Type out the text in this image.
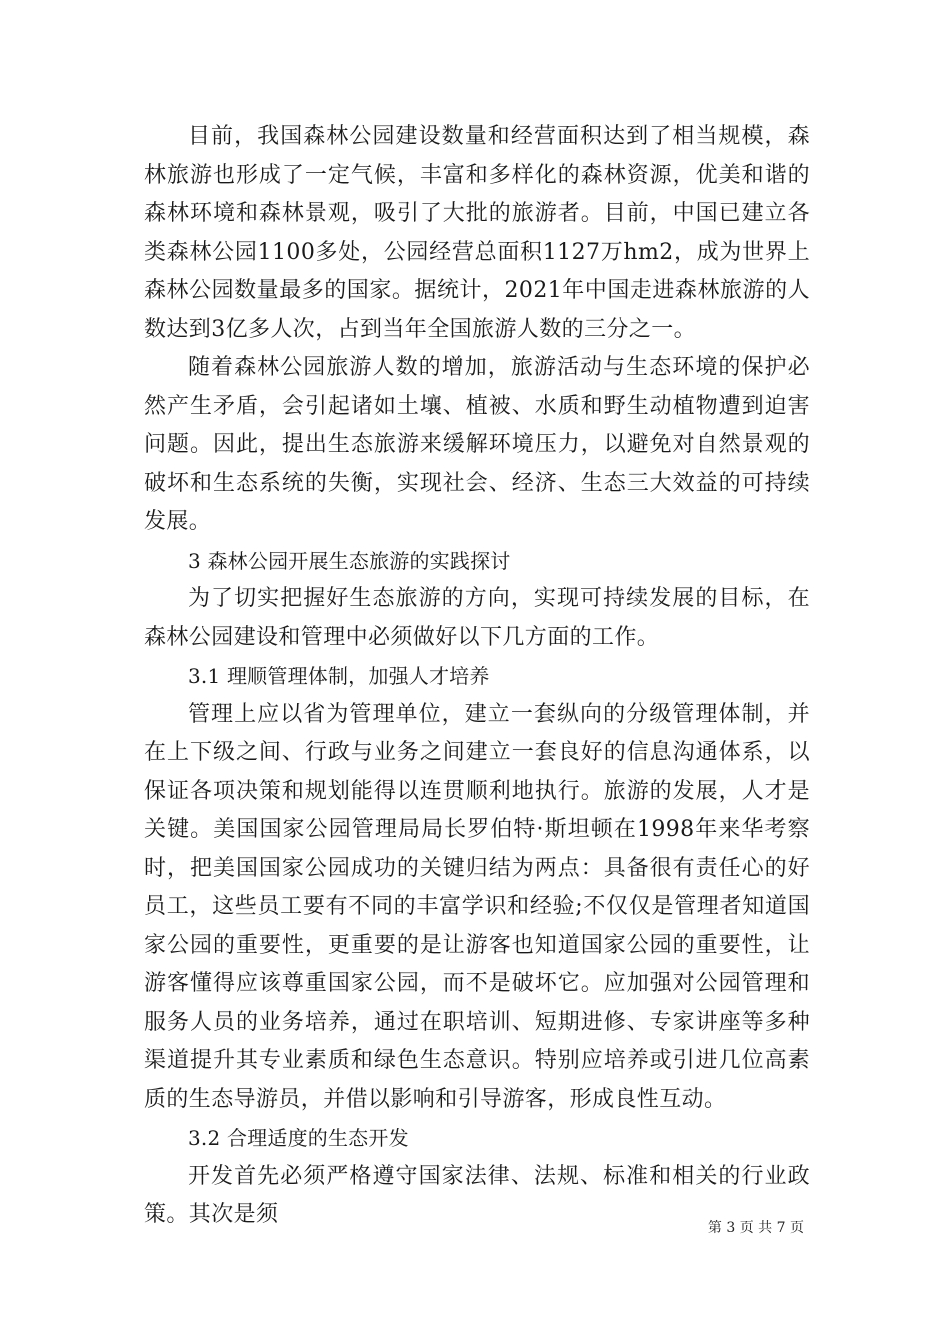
目前，我国森林公园建设数量和经营面积达到了相当规模，森林旅游也形成了一定气候，丰富和多样化的森林资源，优美和谐的森林环境和森林景观，吸引了大批的旅游者。目前，中国已建立各类森林公园1100多处，公园经营总面积1127万hm2，成为世界上森林公园数量最多的国家。据统计，2021年中国走进森林旅游的人数达到3亿多人次，占到当年全国旅游人数的三分之一。

随着森林公园旅游人数的增加，旅游活动与生态环境的保护必然产生矛盾，会引起诸如土壤、植被、水质和野生动植物遭到迫害问题。因此，提出生态旅游来缓解环境压力，以避免对自然景观的破坏和生态系统的失衡，实现社会、经济、生态三大效益的可持续发展。

3 森林公园开展生态旅游的实践探讨

为了切实把握好生态旅游的方向，实现可持续发展的目标，在森林公园建设和管理中必须做好以下几方面的工作。

3.1 理顺管理体制，加强人才培养

管理上应以省为管理单位，建立一套纵向的分级管理体制，并在上下级之间、行政与业务之间建立一套良好的信息沟通体系，以保证各项决策和规划能得以连贯顺利地执行。旅游的发展，人才是关键。美国国家公园管理局局长罗伯特·斯坦顿在1998年来华考察时，把美国国家公园成功的关键归结为两点：具备很有责任心的好员工，这些员工要有不同的丰富学识和经验;不仅仅是管理者知道国家公园的重要性，更重要的是让游客也知道国家公园的重要性，让游客懂得应该尊重国家公园，而不是破坏它。应加强对公园管理和服务人员的业务培养，通过在职培训、短期进修、专家讲座等多种渠道提升其专业素质和绿色生态意识。特别应培养或引进几位高素质的生态导游员，并借以影响和引导游客，形成良性互动。

3.2 合理适度的生态开发

开发首先必须严格遵守国家法律、法规、标准和相关的行业政策。其次是须

第 3 页 共 7 页
